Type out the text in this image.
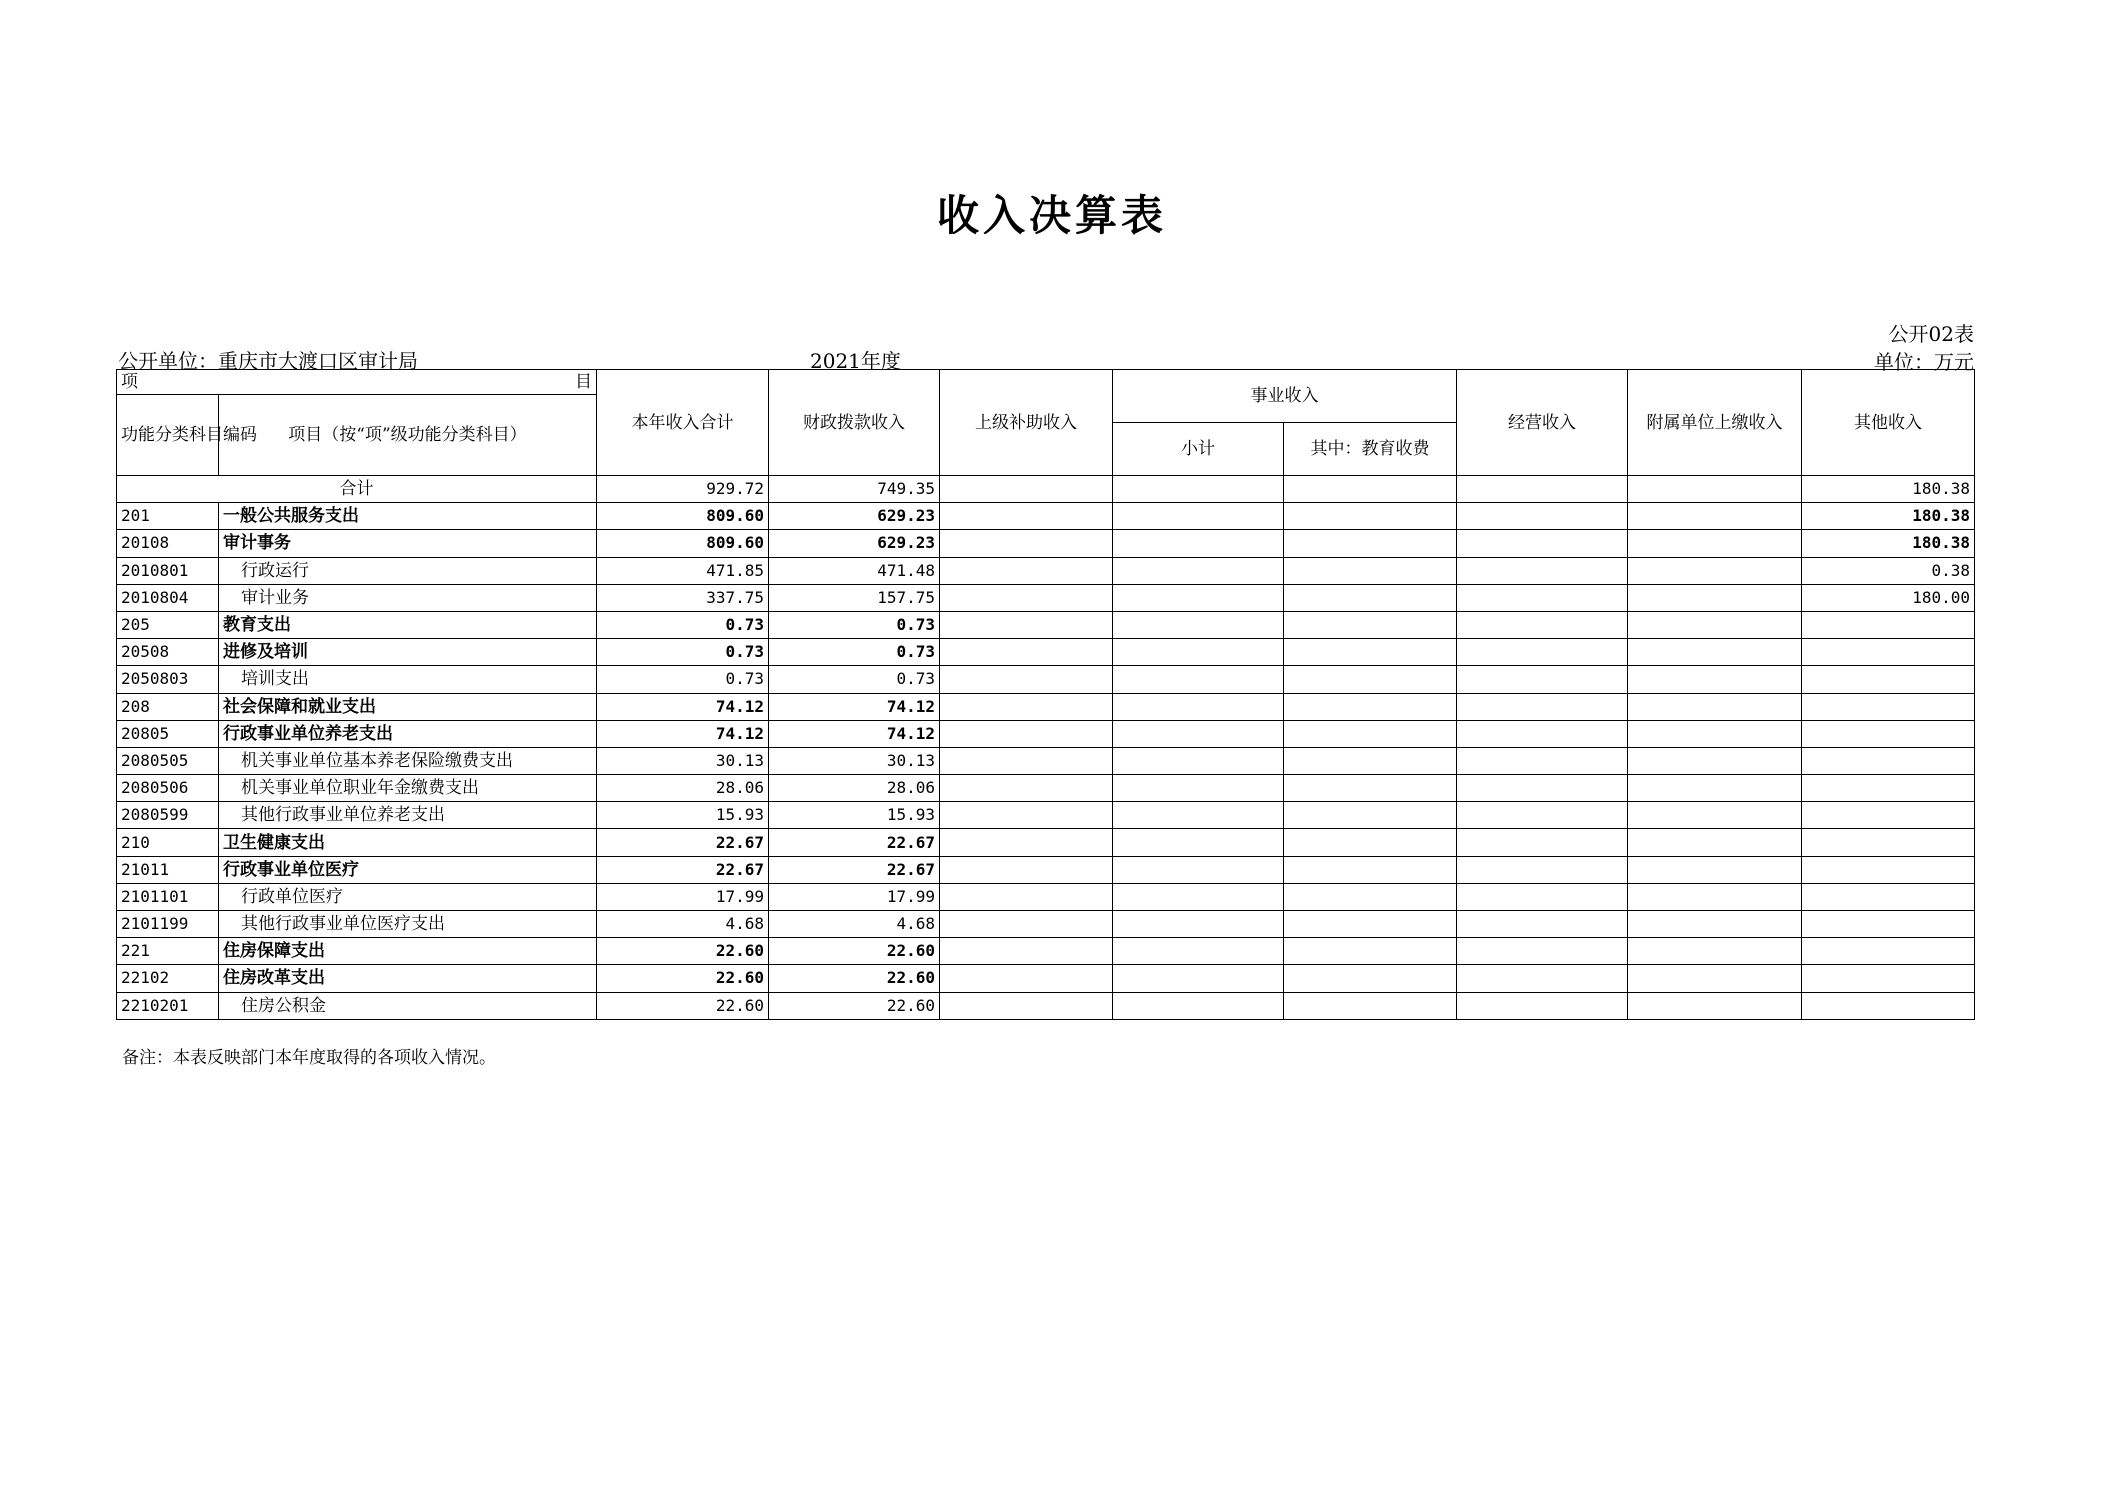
收入决算表
公开02表
单位：万元
公开单位：重庆市大渡口区审计局	2021年度
项 目		本年收入合计	财政拨款收入	上级补助收入	事业收入		经营收入	附属单位上缴收入	其他收入
功能分类科目编码	项目（按“项”级功能分类科目）								
					小计	其中：教育收费			
合计		929.72	749.35						180.38
201	一般公共服务支出	809.60	629.23						180.38
20108	审计事务	809.60	629.23						180.38
2010801	行政运行	471.85	471.48						0.38
2010804	审计业务	337.75	157.75						180.00
205	教育支出	0.73	0.73						
20508	进修及培训	0.73	0.73						
2050803	培训支出	0.73	0.73						
208	社会保障和就业支出	74.12	74.12						
20805	行政事业单位养老支出	74.12	74.12						
2080505	机关事业单位基本养老保险缴费支出	30.13	30.13						
2080506	机关事业单位职业年金缴费支出	28.06	28.06						
2080599	其他行政事业单位养老支出	15.93	15.93						
210	卫生健康支出	22.67	22.67						
21011	行政事业单位医疗	22.67	22.67						
2101101	行政单位医疗	17.99	17.99						
2101199	其他行政事业单位医疗支出	4.68	4.68						
221	住房保障支出	22.60	22.60						
22102	住房改革支出	22.60	22.60						
2210201	住房公积金	22.60	22.60						
备注：本表反映部门本年度取得的各项收入情况。
